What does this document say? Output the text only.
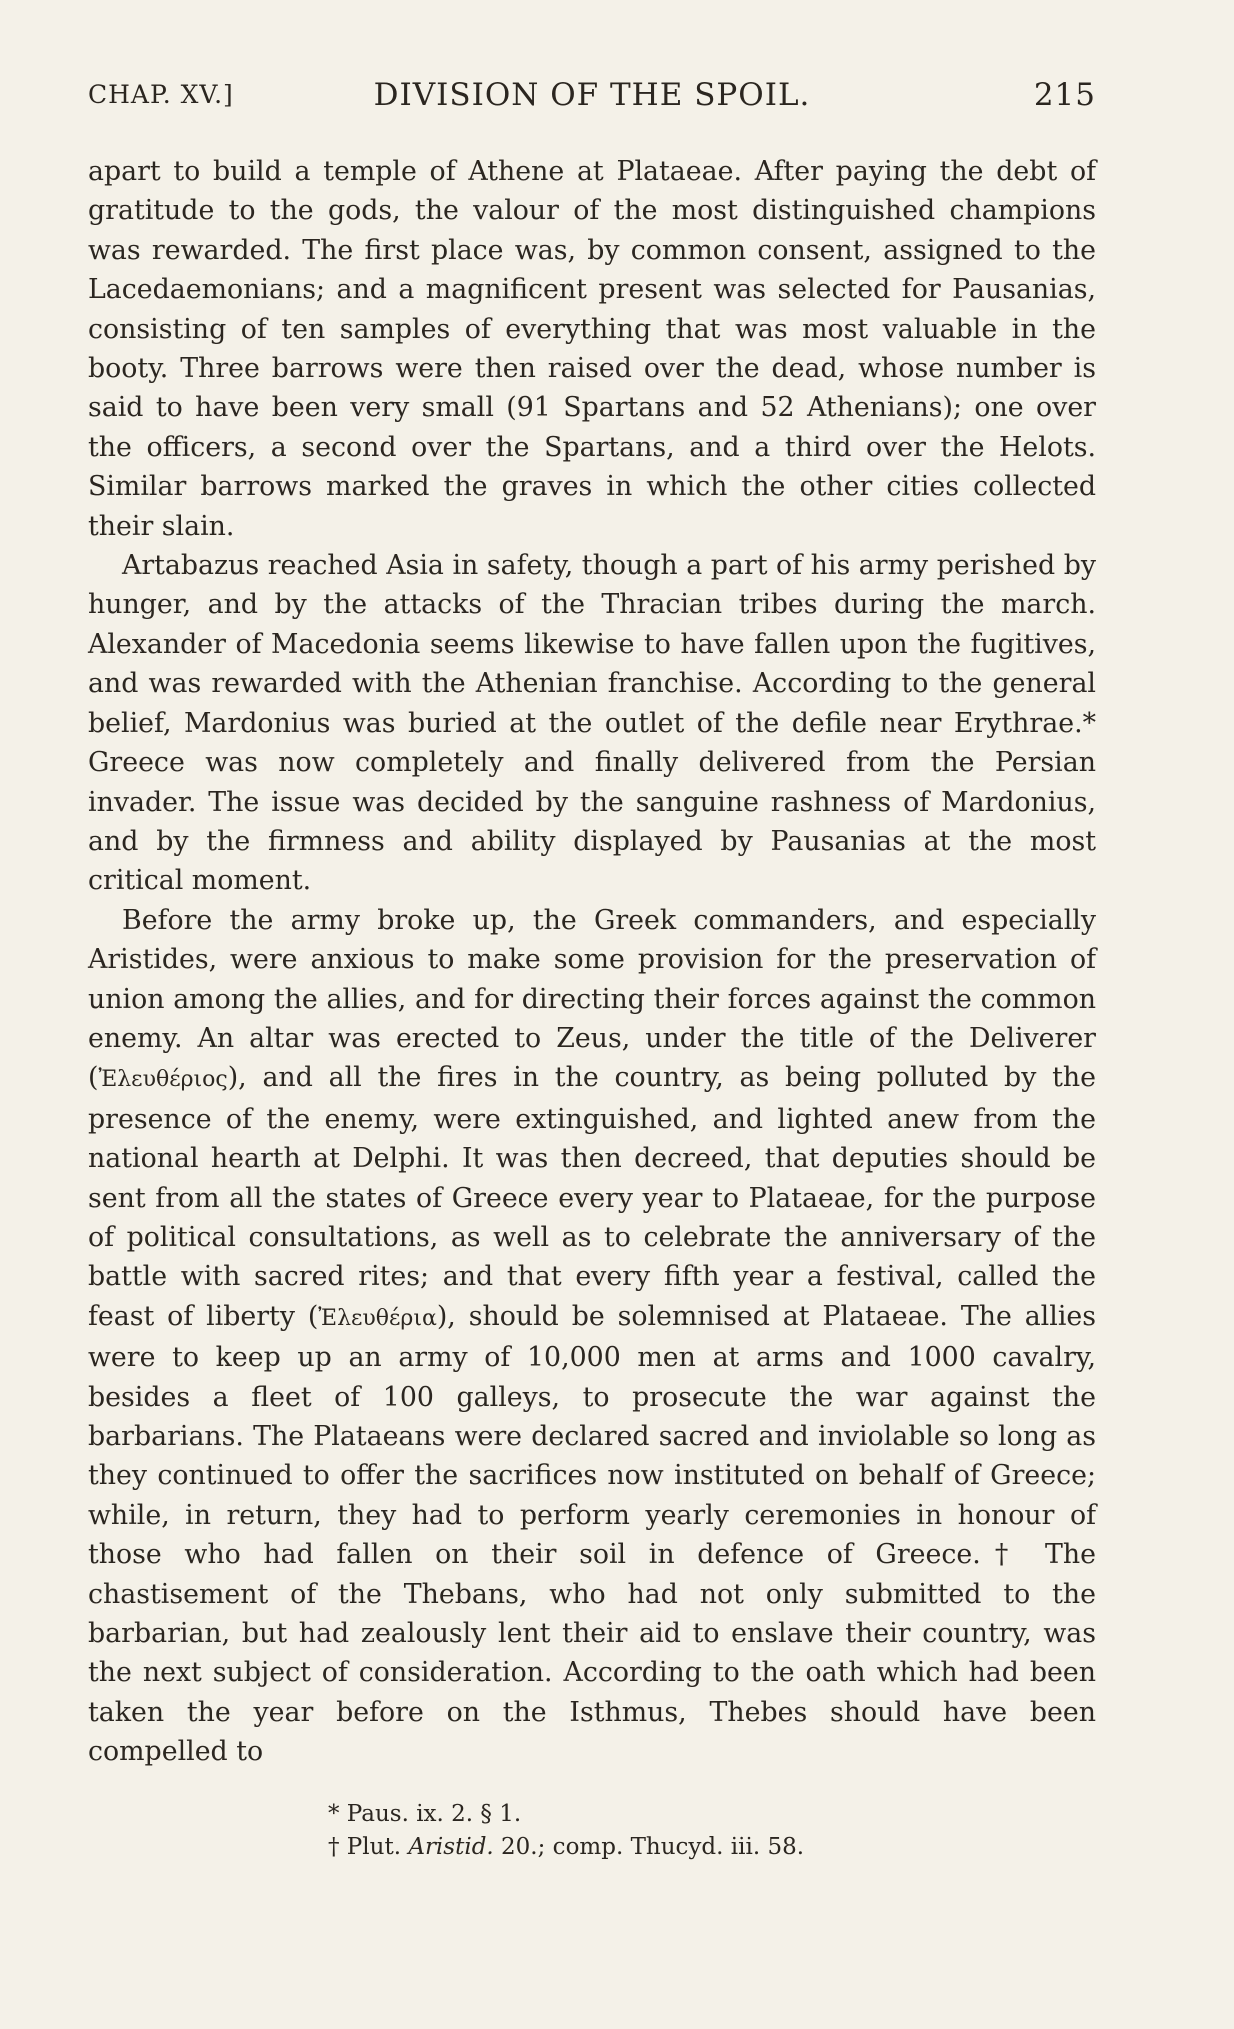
CHAP. XV.]	DIVISION OF THE SPOIL.	215

apart to build a temple of Athene at Plataeae. After paying the debt of gratitude to the gods, the valour of the most distinguished champions was rewarded. The first place was, by common consent, assigned to the Lacedaemonians; and a magnificent present was selected for Pausanias, consisting of ten samples of everything that was most valuable in the booty. Three barrows were then raised over the dead, whose number is said to have been very small (91 Spartans and 52 Athenians); one over the officers, a second over the Spartans, and a third over the Helots. Similar barrows marked the graves in which the other cities collected their slain.

Artabazus reached Asia in safety, though a part of his army perished by hunger, and by the attacks of the Thracian tribes during the march. Alexander of Macedonia seems likewise to have fallen upon the fugitives, and was rewarded with the Athenian franchise. According to the general belief, Mardonius was buried at the outlet of the defile near Erythrae.* Greece was now completely and finally delivered from the Persian invader. The issue was decided by the sanguine rashness of Mardonius, and by the firmness and ability displayed by Pausanias at the most critical moment.

Before the army broke up, the Greek commanders, and especially Aristides, were anxious to make some provision for the preservation of union among the allies, and for directing their forces against the common enemy. An altar was erected to Zeus, under the title of the Deliverer (Ἐλευθέριος), and all the fires in the country, as being polluted by the presence of the enemy, were extinguished, and lighted anew from the national hearth at Delphi. It was then decreed, that deputies should be sent from all the states of Greece every year to Plataeae, for the purpose of political consultations, as well as to celebrate the anniversary of the battle with sacred rites; and that every fifth year a festival, called the feast of liberty (Ἐλευθέρια), should be solemnised at Plataeae. The allies were to keep up an army of 10,000 men at arms and 1000 cavalry, besides a fleet of 100 galleys, to prosecute the war against the barbarians. The Plataeans were declared sacred and inviolable so long as they continued to offer the sacrifices now instituted on behalf of Greece; while, in return, they had to perform yearly ceremonies in honour of those who had fallen on their soil in defence of Greece.† The chastisement of the Thebans, who had not only submitted to the barbarian, but had zealously lent their aid to enslave their country, was the next subject of consideration. According to the oath which had been taken the year before on the Isthmus, Thebes should have been compelled to

* Paus. ix. 2. § 1.
† Plut. Aristid. 20.; comp. Thucyd. iii. 58.
